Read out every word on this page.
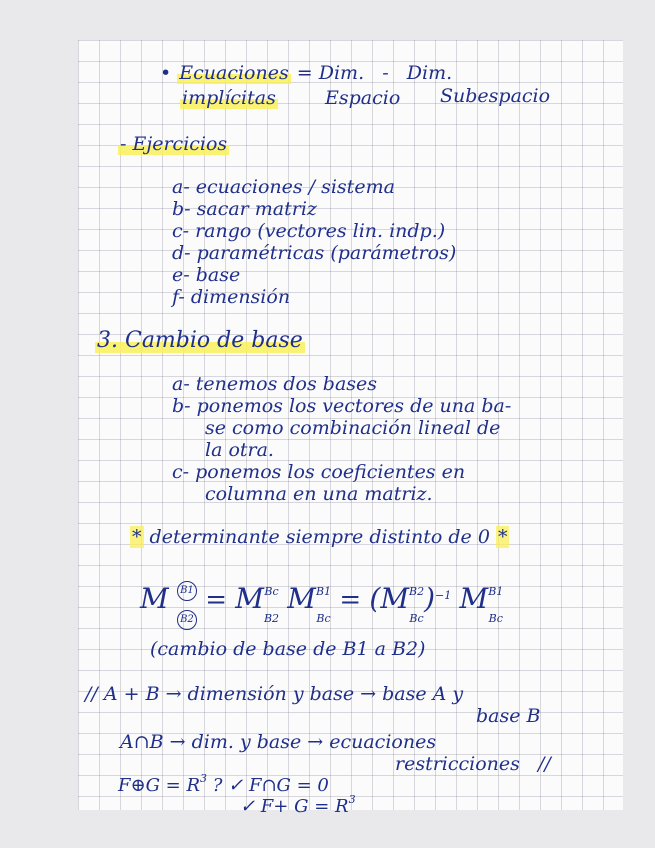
• Ecuaciones = Dim. - Dim.
implícitas	Espacio Subespacio
- Ejercicios
a- ecuaciones / sistema
b- sacar matriz
c- rango (vectores lin. indp.)
d- paramétricas (parámetros)
e- base
f- dimensión
3. Cambio de base
a- tenemos dos bases
b- ponemos los vectores de una ba-
se como combinación lineal de
la otra.
c- ponemos los coeficientes en
columna en una matriz.
* determinante siempre distinto de 0 *
M $\frac{B1}{B2}$ = MBc
B2 MB1
Bc = (MB2
Bc)$^{-1}$ MB1
Bc
(cambio de base de B1 a B2)
// A + B → dimensión y base → base A y
base B
A∩B → dim. y base → ecuaciones
restricciones //
F⊕G = $R^3$ ? ✓ F∩G = 0
✓ $F+ G = R^3$
